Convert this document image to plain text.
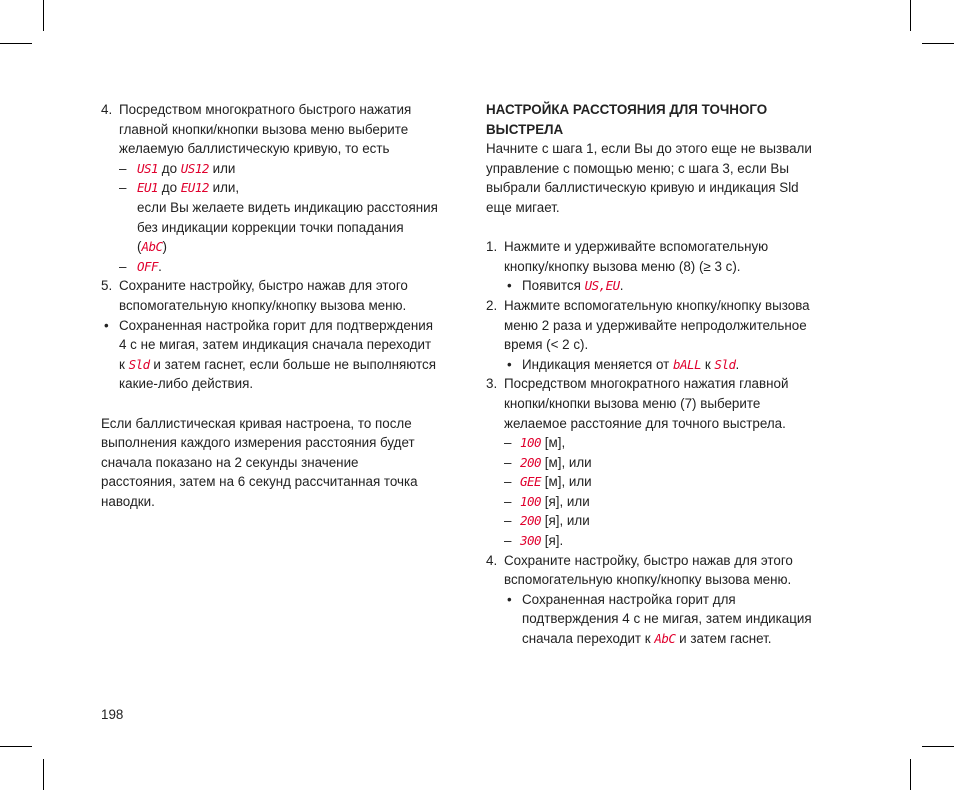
4. Посредством многократного быстрого нажатия
главной кнопки/кнопки вызова меню выберите
желаемую баллистическую кривую, то есть
– US1 до US12 или
– EU1 до EU12 или,
если Вы желаете видеть индикацию расстояния
без индикации коррекции точки попадания
(AbC)
– OFF.
5. Сохраните настройку, быстро нажав для этого
вспомогательную кнопку/кнопку вызова меню.
• Сохраненная настройка горит для подтверждения
4 с не мигая, затем индикация сначала переходит
к Sld и затем гаснет, если больше не выполняются
какие-либо действия.
Если баллистическая кривая настроена, то после
выполнения каждого измерения расстояния будет
сначала показано на 2 секунды значение
расстояния, затем на 6 секунд рассчитанная точка
наводки.
НАСТРОЙКА РАССТОЯНИЯ ДЛЯ ТОЧНОГО
ВЫСТРЕЛА
Начните с шага 1, если Вы до этого еще не вызвали
управление с помощью меню; с шага 3, если Вы
выбрали баллистическую кривую и индикация Sld
еще мигает.
1. Нажмите и удерживайте вспомогательную
кнопку/кнопку вызова меню (8) (≥ 3 с).
• Появится US,EU.
2. Нажмите вспомогательную кнопку/кнопку вызова
меню 2 раза и удерживайте непродолжительное
время (< 2 с).
• Индикация меняется от bALL к Sld.
3. Посредством многократного нажатия главной
кнопки/кнопки вызова меню (7) выберите
желаемое расстояние для точного выстрела.
– 100 [м],
– 200 [м], или
– GEE [м], или
– 100 [я], или
– 200 [я], или
– 300 [я].
4. Сохраните настройку, быстро нажав для этого
вспомогательную кнопку/кнопку вызова меню.
• Сохраненная настройка горит для
подтверждения 4 с не мигая, затем индикация
сначала переходит к AbC и затем гаснет.
198
